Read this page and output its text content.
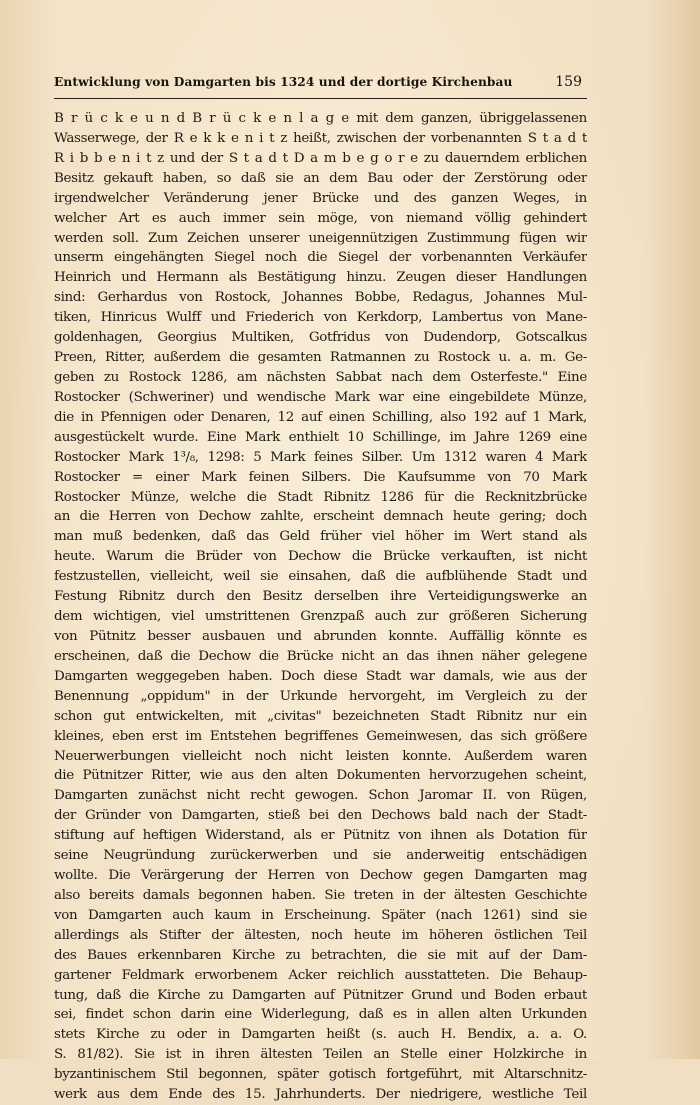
Entwicklung von Damgarten bis 1324 und der dortige Kirchenbau	159
B r ü c k e u n d B r ü c k e n l a g e mit dem ganzen, übriggelassenen
Wasserwege, der R e k k e n i t z heißt, zwischen der vorbenannten S t a d t
R i b b e n i t z und der S t a d t D a m b e g o r e zu dauerndem erblichen
Besitz gekauft haben, so daß sie an dem Bau oder der Zerstörung oder
irgendwelcher Veränderung jener Brücke und des ganzen Weges, in
welcher Art es auch immer sein möge, von niemand völlig gehindert
werden soll. Zum Zeichen unserer uneigennützigen Zustimmung fügen wir
unserm eingehängten Siegel noch die Siegel der vorbenannten Verkäufer
Heinrich und Hermann als Bestätigung hinzu. Zeugen dieser Handlungen
sind: Gerhardus von Rostock, Johannes Bobbe, Redagus, Johannes Mul-
tiken, Hinricus Wulff und Friederich von Kerkdorp, Lambertus von Mane-
goldenhagen, Georgius Multiken, Gotfridus von Dudendorp, Gotscalkus
Preen, Ritter, außerdem die gesamten Ratmannen zu Rostock u. a. m. Ge-
geben zu Rostock 1286, am nächsten Sabbat nach dem Osterfeste." Eine
Rostocker (Schweriner) und wendische Mark war eine eingebildete Münze,
die in Pfennigen oder Denaren, 12 auf einen Schilling, also 192 auf 1 Mark,
ausgestückelt wurde. Eine Mark enthielt 10 Schillinge, im Jahre 1269 eine
Rostocker Mark 1³/₈, 1298: 5 Mark feines Silber. Um 1312 waren 4 Mark
Rostocker = einer Mark feinen Silbers. Die Kaufsumme von 70 Mark
Rostocker Münze, welche die Stadt Ribnitz 1286 für die Recknitzbrücke
an die Herren von Dechow zahlte, erscheint demnach heute gering; doch
man muß bedenken, daß das Geld früher viel höher im Wert stand als
heute. Warum die Brüder von Dechow die Brücke verkauften, ist nicht
festzustellen, vielleicht, weil sie einsahen, daß die aufblühende Stadt und
Festung Ribnitz durch den Besitz derselben ihre Verteidigungswerke an
dem wichtigen, viel umstrittenen Grenzpaß auch zur größeren Sicherung
von Pütnitz besser ausbauen und abrunden konnte. Auffällig könnte es
erscheinen, daß die Dechow die Brücke nicht an das ihnen näher gelegene
Damgarten weggegeben haben. Doch diese Stadt war damals, wie aus der
Benennung „oppidum" in der Urkunde hervorgeht, im Vergleich zu der
schon gut entwickelten, mit „civitas" bezeichneten Stadt Ribnitz nur ein
kleines, eben erst im Entstehen begriffenes Gemeinwesen, das sich größere
Neuerwerbungen vielleicht noch nicht leisten konnte. Außerdem waren
die Pütnitzer Ritter, wie aus den alten Dokumenten hervorzugehen scheint,
Damgarten zunächst nicht recht gewogen. Schon Jaromar II. von Rügen,
der Gründer von Damgarten, stieß bei den Dechows bald nach der Stadt-
stiftung auf heftigen Widerstand, als er Pütnitz von ihnen als Dotation für
seine Neugründung zurückerwerben und sie anderweitig entschädigen
wollte. Die Verärgerung der Herren von Dechow gegen Damgarten mag
also bereits damals begonnen haben. Sie treten in der ältesten Geschichte
von Damgarten auch kaum in Erscheinung. Später (nach 1261) sind sie
allerdings als Stifter der ältesten, noch heute im höheren östlichen Teil
des Baues erkennbaren Kirche zu betrachten, die sie mit auf der Dam-
gartener Feldmark erworbenem Acker reichlich ausstatteten. Die Behaup-
tung, daß die Kirche zu Damgarten auf Pütnitzer Grund und Boden erbaut
sei, findet schon darin eine Widerlegung, daß es in allen alten Urkunden
stets Kirche zu oder in Damgarten heißt (s. auch H. Bendix, a. a. O.
S. 81/82). Sie ist in ihren ältesten Teilen an Stelle einer Holzkirche in
byzantinischem Stil begonnen, später gotisch fortgeführt, mit Altarschnitz-
werk aus dem Ende des 15. Jahrhunderts. Der niedrigere, westliche Teil
